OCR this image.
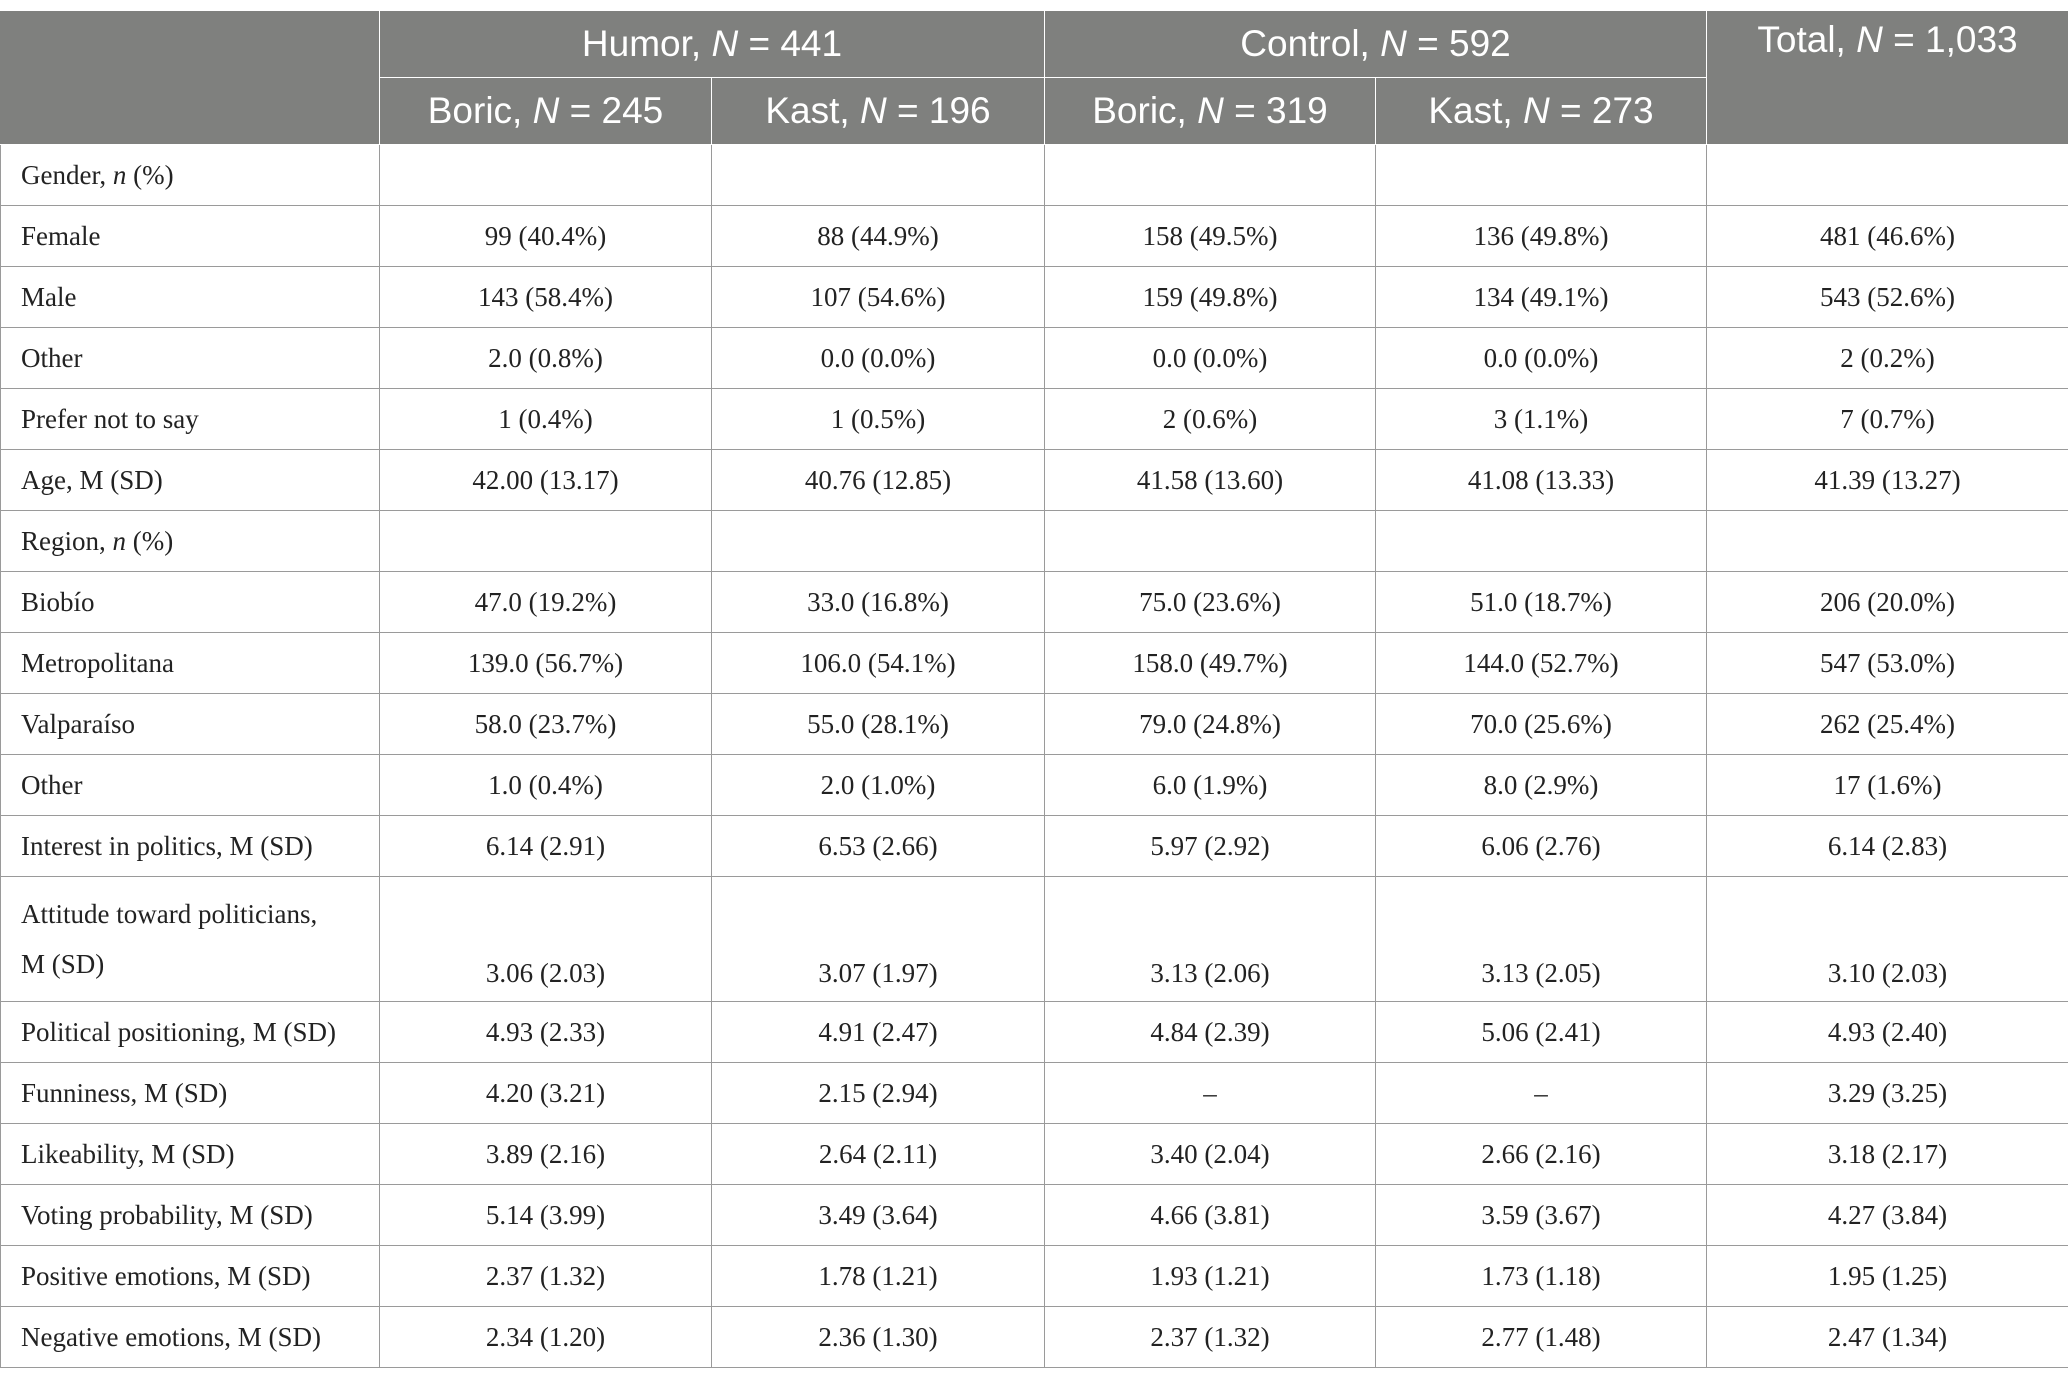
	Humor, N = 441		Control, N = 592		Total, N = 1,033
	Boric, N = 245	Kast, N = 196	Boric, N = 319	Kast, N = 273	
Gender, n (%)					
Female	99 (40.4%)	88 (44.9%)	158 (49.5%)	136 (49.8%)	481 (46.6%)
Male	143 (58.4%)	107 (54.6%)	159 (49.8%)	134 (49.1%)	543 (52.6%)
Other	2.0 (0.8%)	0.0 (0.0%)	0.0 (0.0%)	0.0 (0.0%)	2 (0.2%)
Prefer not to say	1 (0.4%)	1 (0.5%)	2 (0.6%)	3 (1.1%)	7 (0.7%)
Age, M (SD)	42.00 (13.17)	40.76 (12.85)	41.58 (13.60)	41.08 (13.33)	41.39 (13.27)
Region, n (%)					
Biobío	47.0 (19.2%)	33.0 (16.8%)	75.0 (23.6%)	51.0 (18.7%)	206 (20.0%)
Metropolitana	139.0 (56.7%)	106.0 (54.1%)	158.0 (49.7%)	144.0 (52.7%)	547 (53.0%)
Valparaíso	58.0 (23.7%)	55.0 (28.1%)	79.0 (24.8%)	70.0 (25.6%)	262 (25.4%)
Other	1.0 (0.4%)	2.0 (1.0%)	6.0 (1.9%)	8.0 (2.9%)	17 (1.6%)
Interest in politics, M (SD)	6.14 (2.91)	6.53 (2.66)	5.97 (2.92)	6.06 (2.76)	6.14 (2.83)

Attitude toward politicians,
M (SD)	3.06 (2.03)	3.07 (1.97)	3.13 (2.06)	3.13 (2.05)	3.10 (2.03)
Political positioning, M (SD)	4.93 (2.33)	4.91 (2.47)	4.84 (2.39)	5.06 (2.41)	4.93 (2.40)
Funniness, M (SD)	4.20 (3.21)	2.15 (2.94)	–	–	3.29 (3.25)
Likeability, M (SD)	3.89 (2.16)	2.64 (2.11)	3.40 (2.04)	2.66 (2.16)	3.18 (2.17)
Voting probability, M (SD)	5.14 (3.99)	3.49 (3.64)	4.66 (3.81)	3.59 (3.67)	4.27 (3.84)
Positive emotions, M (SD)	2.37 (1.32)	1.78 (1.21)	1.93 (1.21)	1.73 (1.18)	1.95 (1.25)
Negative emotions, M (SD)	2.34 (1.20)	2.36 (1.30)	2.37 (1.32)	2.77 (1.48)	2.47 (1.34)
